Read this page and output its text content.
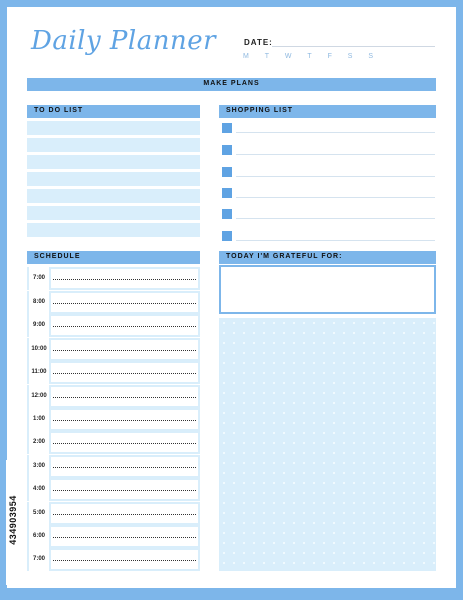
Daily Planner	DATE:
M T W T F S S
MAKE PLANS
TO DO LIST	SHOPPING LIST
SCHEDULE
7:00
8:00
9:00
10:00
11:00
12:00
1:00
2:00
3:00
4:00
5:00
6:00
7:00
TODAY I'M GRATEFUL FOR:
434903954
